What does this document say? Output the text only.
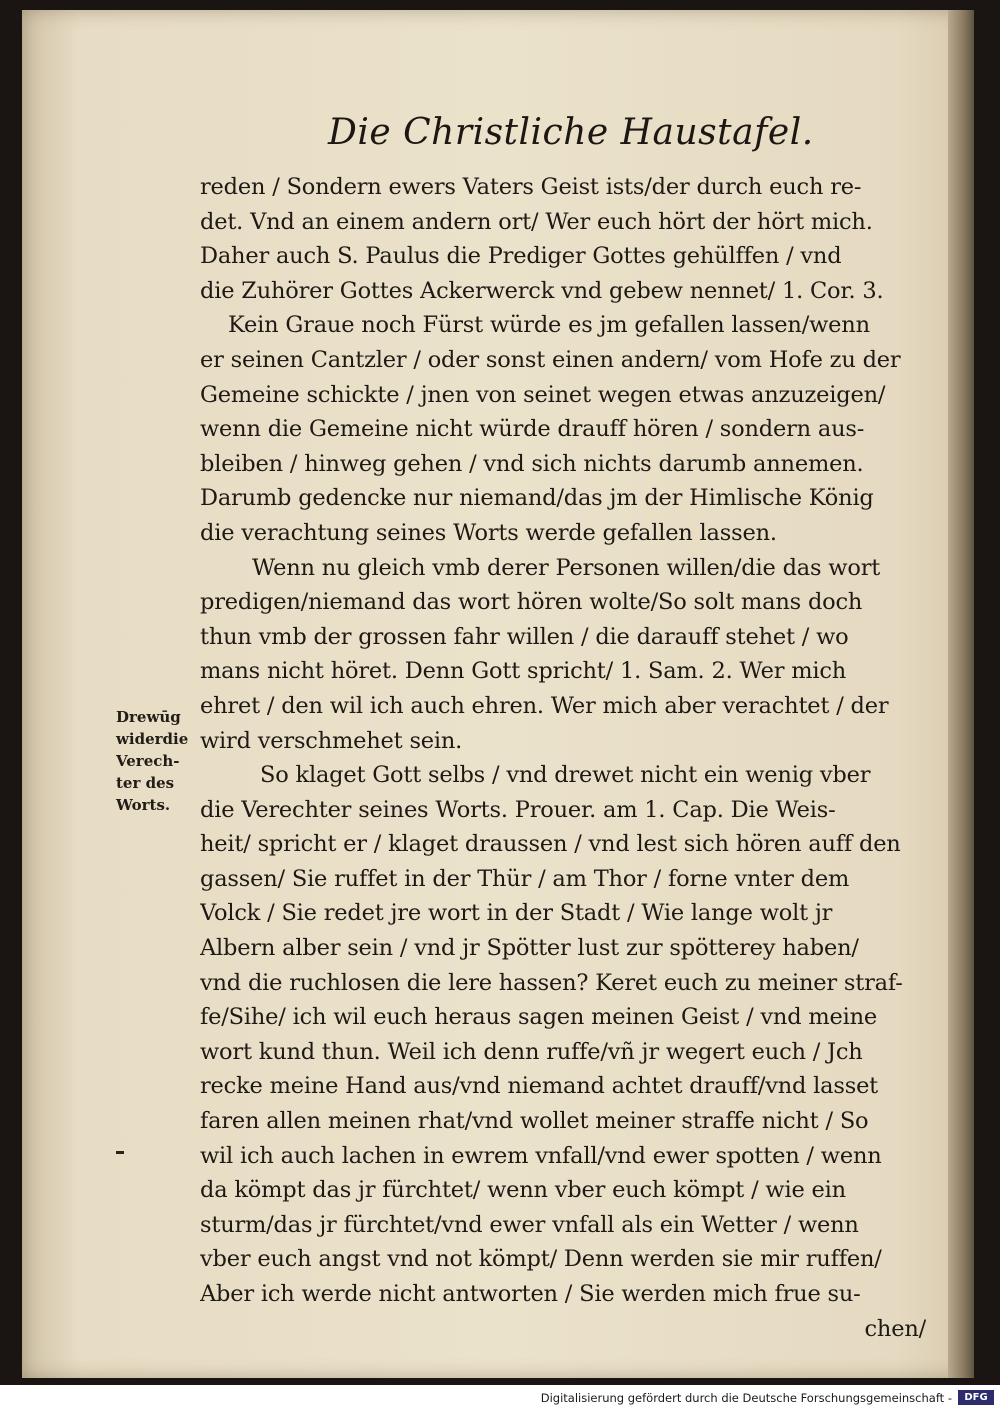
Die Christliche Haustafel.
reden / Sondern ewers Vaters Geist ists/der durch euch re-
det. Vnd an einem andern ort/ Wer euch hört der hört mich.
Daher auch S. Paulus die Prediger Gottes gehülffen / vnd
die Zuhörer Gottes Ackerwerck vnd gebew nennet/ 1. Cor. 3.
Kein Graue noch Fürst würde es jm gefallen lassen/wenn
er seinen Cantzler / oder sonst einen andern/ vom Hofe zu der
Gemeine schickte / jnen von seinet wegen etwas anzuzeigen/
wenn die Gemeine nicht würde drauff hören / sondern aus-
bleiben / hinweg gehen / vnd sich nichts darumb annemen.
Darumb gedencke nur niemand/das jm der Himlische König
die verachtung seines Worts werde gefallen lassen.
Wenn nu gleich vmb derer Personen willen/die das wort
predigen/niemand das wort hören wolte/So solt mans doch
thun vmb der grossen fahr willen / die darauff stehet / wo
mans nicht höret. Denn Gott spricht/ 1. Sam. 2. Wer mich
ehret / den wil ich auch ehren. Wer mich aber verachtet / der
wird verschmehet sein.
So klaget Gott selbs / vnd drewet nicht ein wenig vber
die Verechter seines Worts. Prouer. am 1. Cap. Die Weis-
heit/ spricht er / klaget draussen / vnd lest sich hören auff den
gassen/ Sie ruffet in der Thür / am Thor / forne vnter dem
Volck / Sie redet jre wort in der Stadt / Wie lange wolt jr
Albern alber sein / vnd jr Spötter lust zur spötterey haben/
vnd die ruchlosen die lere hassen? Keret euch zu meiner straf-
fe/Sihe/ ich wil euch heraus sagen meinen Geist / vnd meine
wort kund thun. Weil ich denn ruffe/vñ jr wegert euch / Jch
recke meine Hand aus/vnd niemand achtet drauff/vnd lasset
faren allen meinen rhat/vnd wollet meiner straffe nicht / So
wil ich auch lachen in ewrem vnfall/vnd ewer spotten / wenn
da kömpt das jr fürchtet/ wenn vber euch kömpt / wie ein
sturm/das jr fürchtet/vnd ewer vnfall als ein Wetter / wenn
vber euch angst vnd not kömpt/ Denn werden sie mir ruffen/
Aber ich werde nicht antworten / Sie werden mich frue su-
chen/
Drewūg
widerdie
Verech-
ter des
Worts.
Digitalisierung gefördert durch die Deutsche Forschungsgemeinschaft -	DFG
